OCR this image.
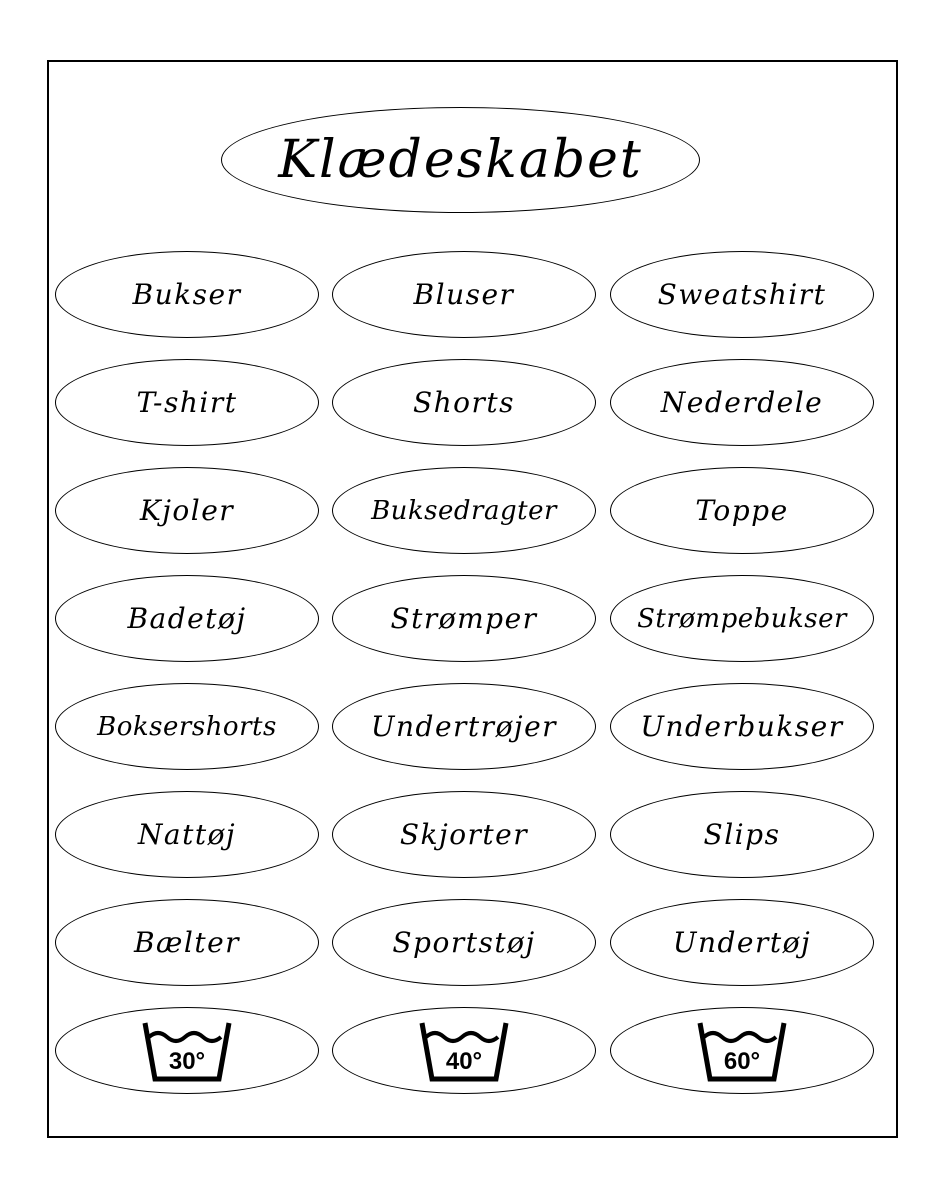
Klædeskabet
Bukser	Bluser	Sweatshirt
T-shirt	Shorts	Nederdele
Kjoler	Buksedragter	Toppe
Badetøj	Strømper	Strømpebukser
Boksershorts	Undertrøjer	Underbukser
Nattøj	Skjorter	Slips
Bælter	Sportstøj	Undertøj
30°	40°	60°
